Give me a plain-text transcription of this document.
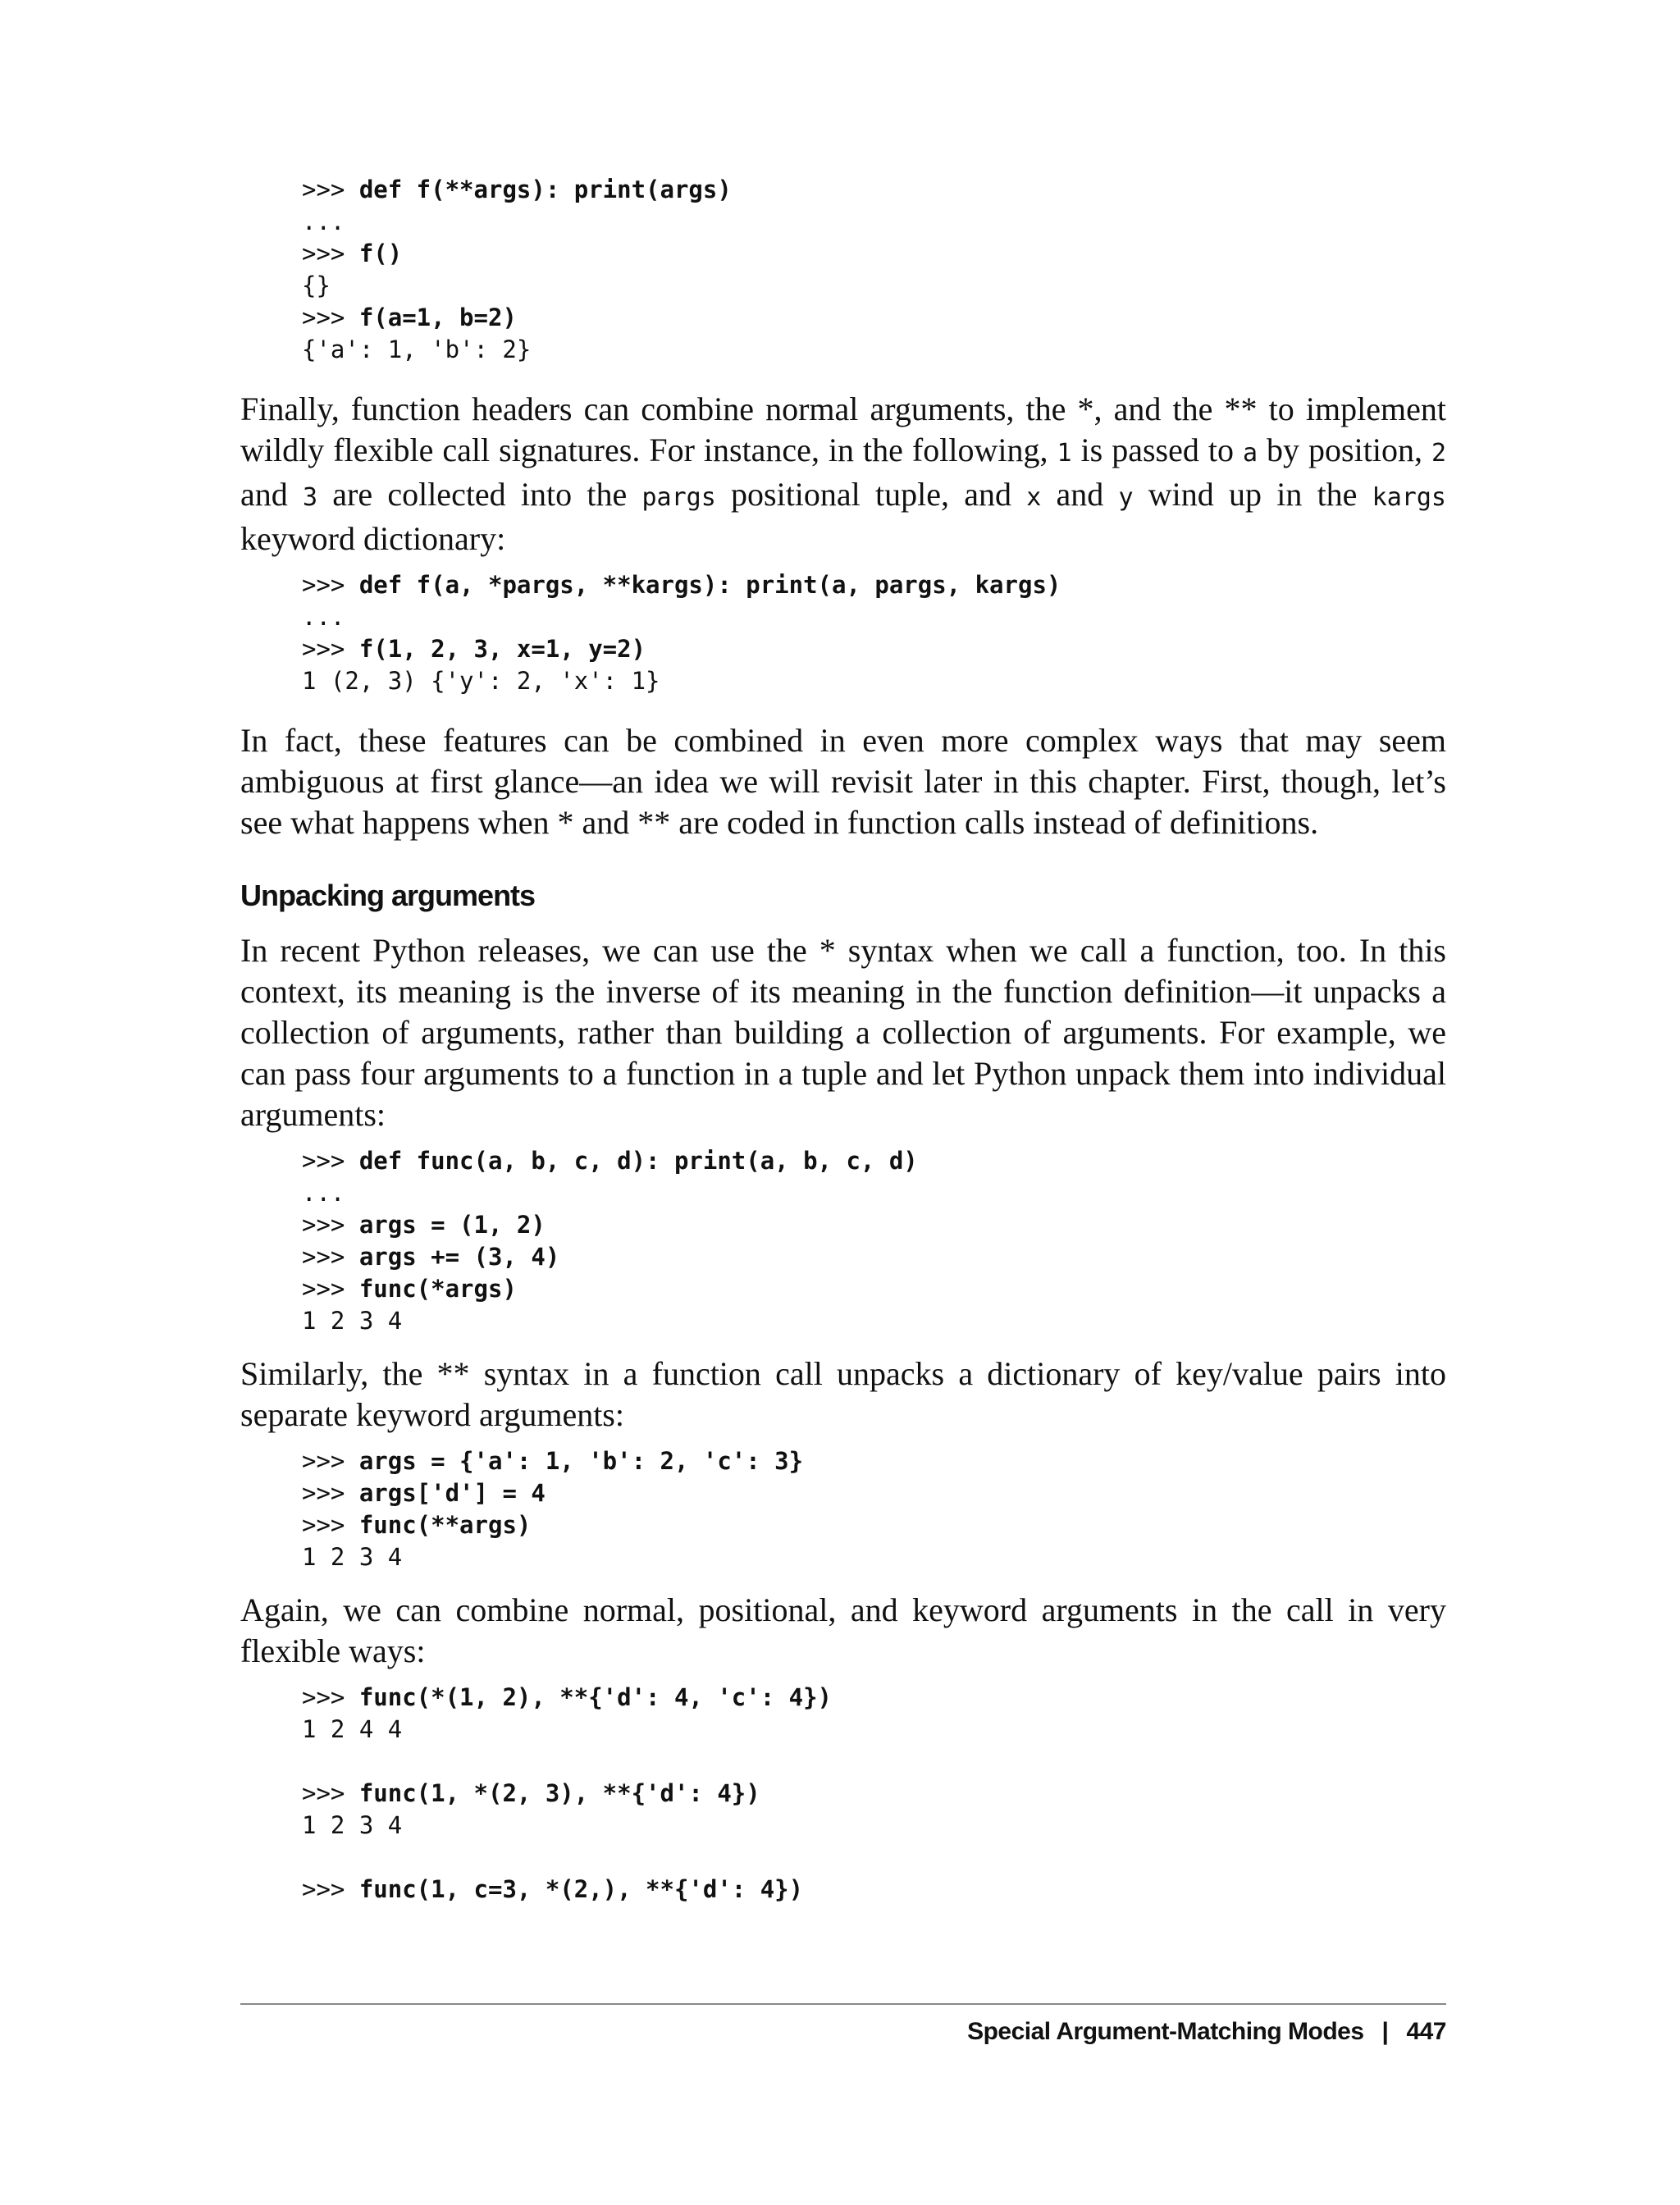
>>> def f(**args): print(args)
...
>>> f()
{}
>>> f(a=1, b=2)
{'a': 1, 'b': 2}

Finally, function headers can combine normal arguments, the *, and the ** to implement wildly flexible call signatures. For instance, in the following, 1 is passed to a by position, 2 and 3 are collected into the pargs positional tuple, and x and y wind up in the kargs keyword dictionary:

>>> def f(a, *pargs, **kargs): print(a, pargs, kargs)
...
>>> f(1, 2, 3, x=1, y=2)
1 (2, 3) {'y': 2, 'x': 1}

In fact, these features can be combined in even more complex ways that may seem ambiguous at first glance—an idea we will revisit later in this chapter. First, though, let’s see what happens when * and ** are coded in function calls instead of definitions.

Unpacking arguments

In recent Python releases, we can use the * syntax when we call a function, too. In this context, its meaning is the inverse of its meaning in the function definition—it unpacks a collection of arguments, rather than building a collection of arguments. For example, we can pass four arguments to a function in a tuple and let Python unpack them into individual arguments:

>>> def func(a, b, c, d): print(a, b, c, d)
...
>>> args = (1, 2)
>>> args += (3, 4)
>>> func(*args)
1 2 3 4

Similarly, the ** syntax in a function call unpacks a dictionary of key/value pairs into separate keyword arguments:

>>> args = {'a': 1, 'b': 2, 'c': 3}
>>> args['d'] = 4
>>> func(**args)
1 2 3 4

Again, we can combine normal, positional, and keyword arguments in the call in very flexible ways:

>>> func(*(1, 2), **{'d': 4, 'c': 4})
1 2 4 4
>>> func(1, *(2, 3), **{'d': 4})
1 2 3 4
>>> func(1, c=3, *(2,), **{'d': 4})
Special Argument-Matching Modes | 447
